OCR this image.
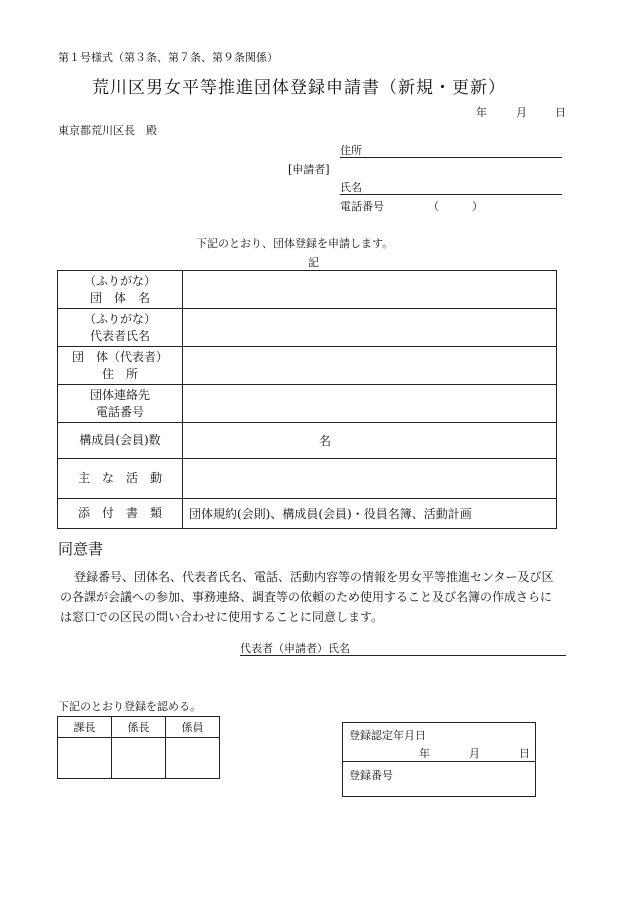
第１号様式（第３条、第７条、第９条関係）
荒川区男女平等推進団体登録申請書（新規・更新）
年	月	日
東京都荒川区長　殿
住所
[申請者]
氏名
電話番号	（　　　）
下記のとおり、団体登録を申請します。
記
（ふりがな）
団　体　名	

（ふりがな）
代表者氏名	

団　体（代表者）
住　所	

団体連絡先
電話番号	

構成員(会員)数	名
主　な　活　動	
添　付　書　類	団体規約(会則)、構成員(会員)・役員名簿、活動計画
同意書
登録番号、団体名、代表者氏名、電話、活動内容等の情報を男女平等推進センター及び区の各課が会議への参加、事務連絡、調査等の依頼のため使用すること及び名簿の作成さらには窓口での区民の問い合わせに使用することに同意します。
代表者（申請者）氏名
下記のとおり登録を認める。
課長	係長	係員

登録認定年月日
年	月	日
登録番号
